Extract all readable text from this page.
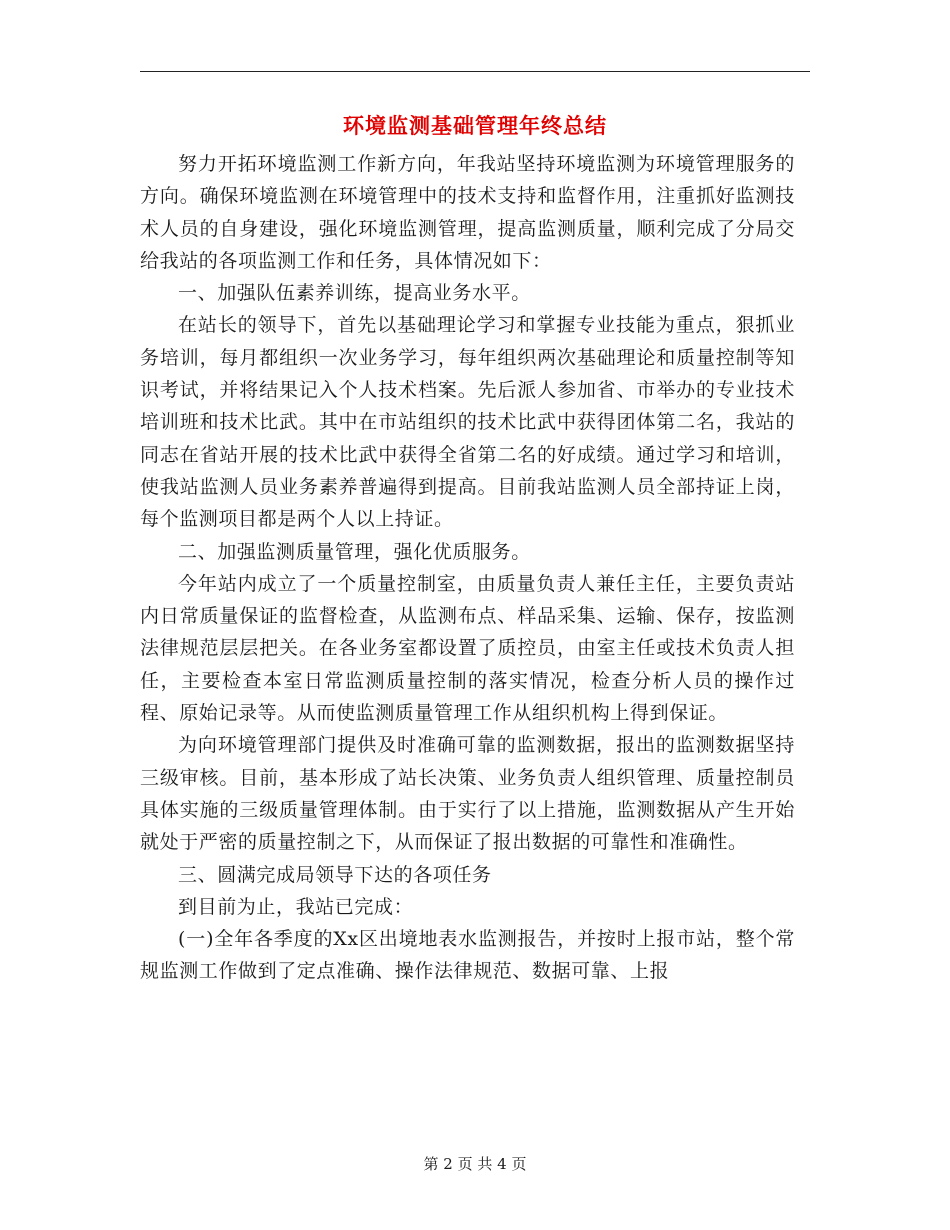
环境监测基础管理年终总结

努力开拓环境监测工作新方向，年我站坚持环境监测为环境管理服务的方向。确保环境监测在环境管理中的技术支持和监督作用，注重抓好监测技术人员的自身建设，强化环境监测管理，提高监测质量，顺利完成了分局交给我站的各项监测工作和任务，具体情况如下：

一、加强队伍素养训练，提高业务水平。

在站长的领导下，首先以基础理论学习和掌握专业技能为重点，狠抓业务培训，每月都组织一次业务学习，每年组织两次基础理论和质量控制等知识考试，并将结果记入个人技术档案。先后派人参加省、市举办的专业技术培训班和技术比武。其中在市站组织的技术比武中获得团体第二名，我站的 同志在省站开展的技术比武中获得全省第二名的好成绩。通过学习和培训，使我站监测人员业务素养普遍得到提高。目前我站监测人员全部持证上岗，每个监测项目都是两个人以上持证。

二、加强监测质量管理，强化优质服务。

今年站内成立了一个质量控制室，由质量负责人兼任主任，主要负责站内日常质量保证的监督检查，从监测布点、样品采集、运输、保存，按监测法律规范层层把关。在各业务室都设置了质控员，由室主任或技术负责人担任，主要检查本室日常监测质量控制的落实情况，检查分析人员的操作过程、原始记录等。从而使监测质量管理工作从组织机构上得到保证。

为向环境管理部门提供及时准确可靠的监测数据，报出的监测数据坚持三级审核。目前，基本形成了站长决策、业务负责人组织管理、质量控制员具体实施的三级质量管理体制。由于实行了以上措施，监测数据从产生开始就处于严密的质量控制之下，从而保证了报出数据的可靠性和准确性。

三、圆满完成局领导下达的各项任务

到目前为止，我站已完成：

(一)全年各季度的Xx区出境地表水监测报告，并按时上报市站，整个常规监测工作做到了定点准确、操作法律规范、数据可靠、上报

第 2 页 共 4 页
